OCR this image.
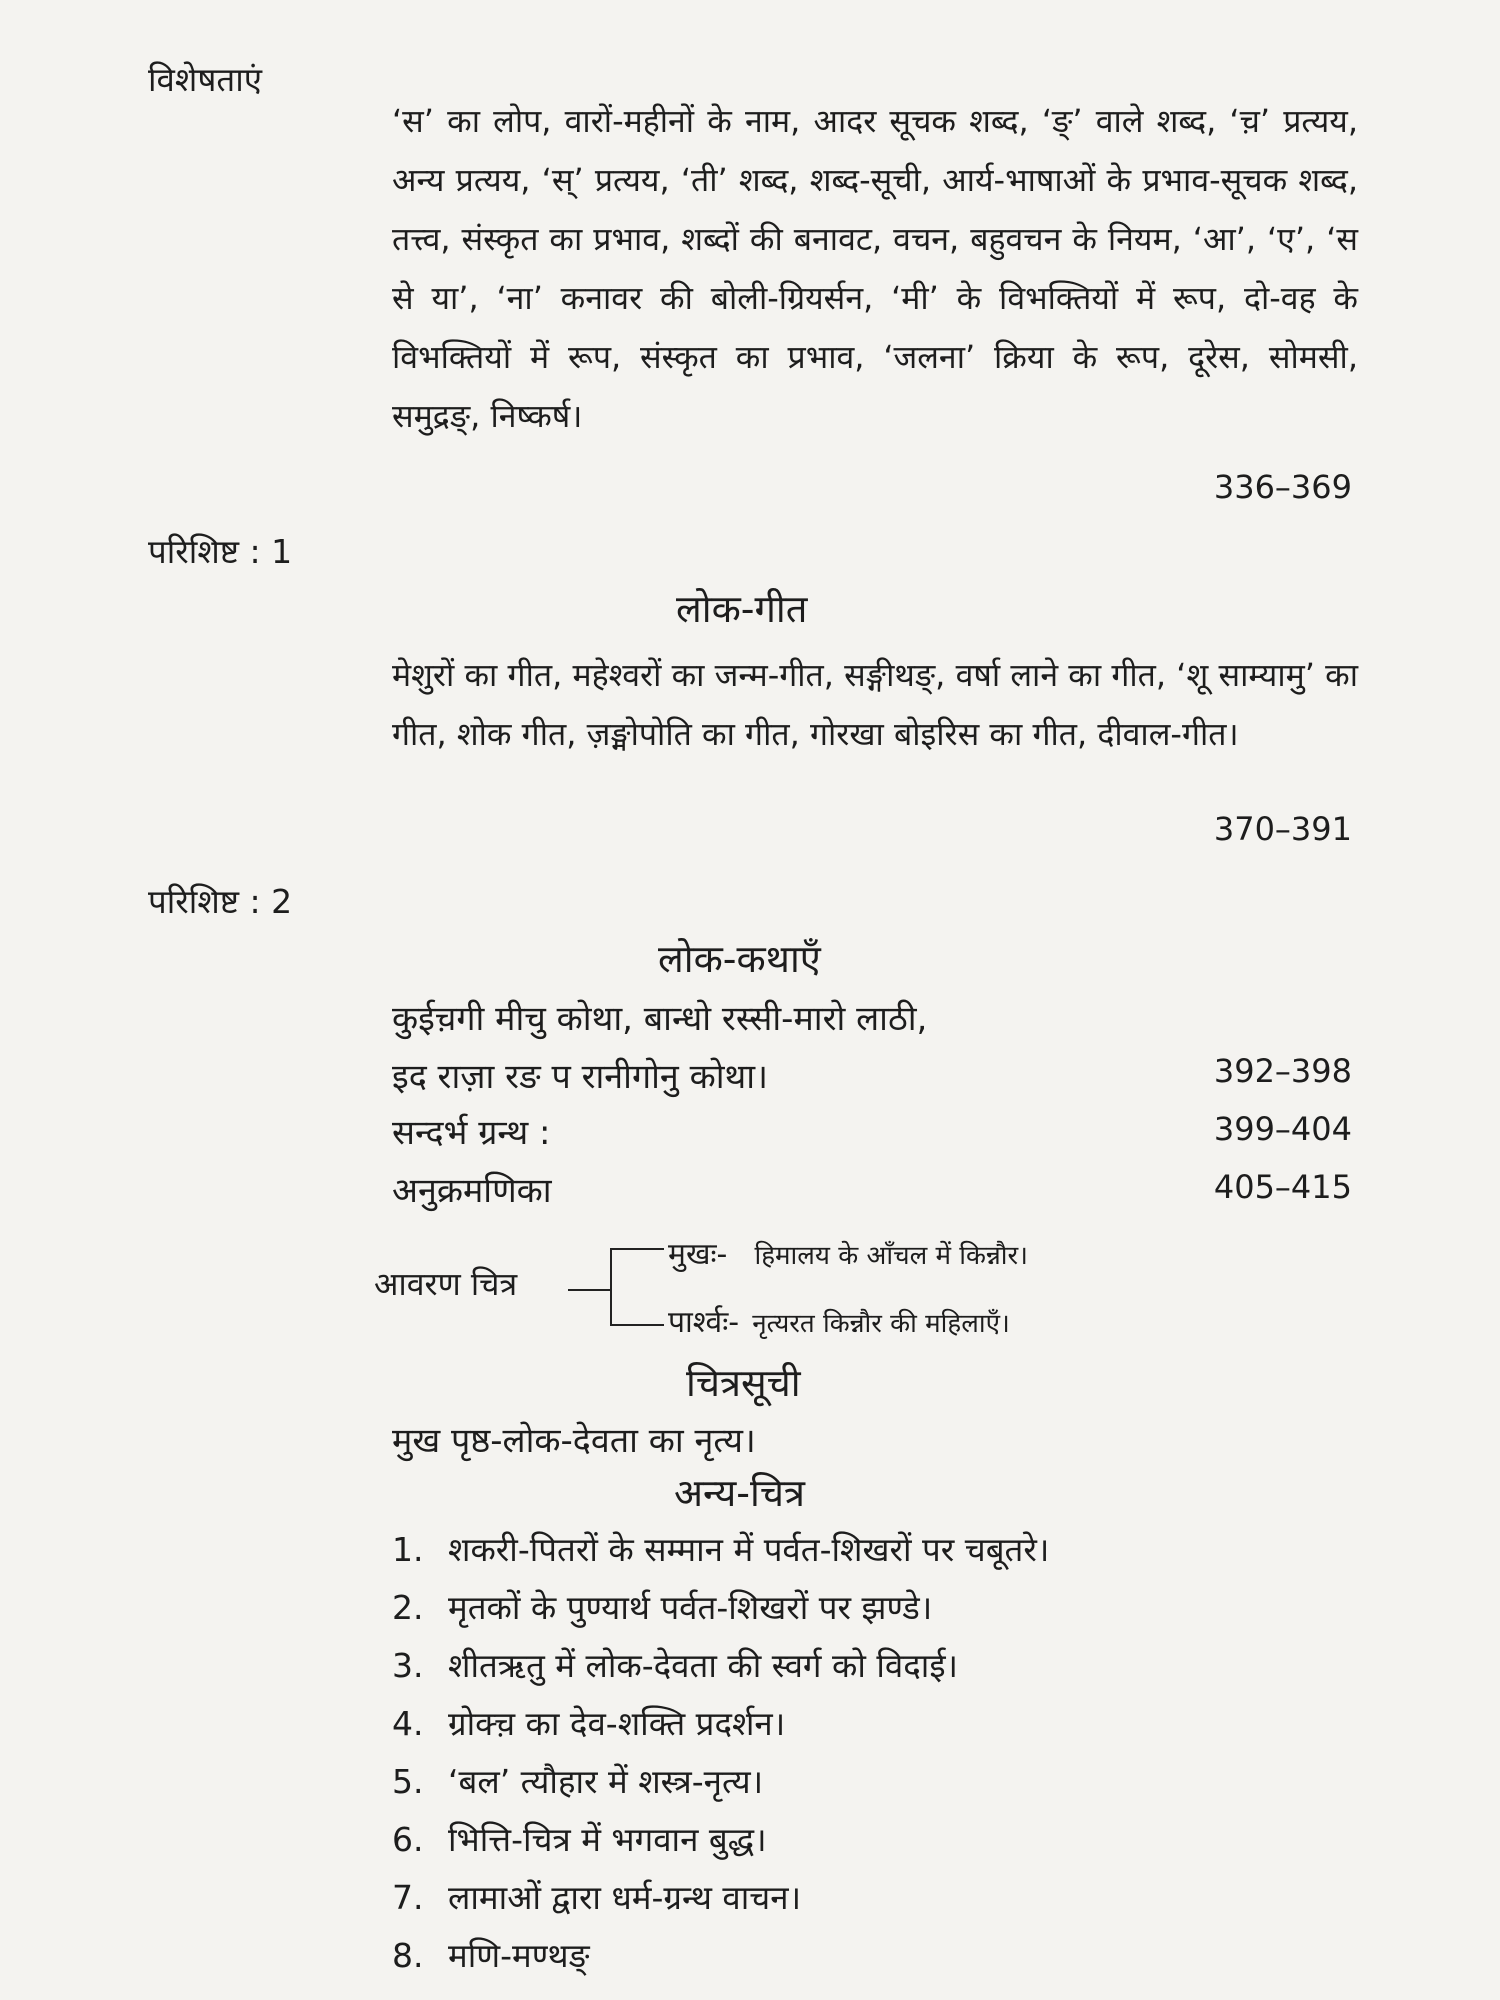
विशेषताएं
‘स’ का लोप, वारों-महीनों के नाम, आदर सूचक शब्द, ‘ङ्’ वाले शब्द, ‘च़’ प्रत्यय, अन्य प्रत्यय, ‘स्’ प्रत्यय, ‘ती’ शब्द, शब्द-सूची, आर्य-भाषाओं के प्रभाव-सूचक शब्द, तत्त्व, संस्कृत का प्रभाव, शब्दों की बनावट, वचन, बहुवचन के नियम, ‘आ’, ‘ए’, ‘स से या’, ‘ना’ कनावर की बोली-ग्रियर्सन, ‘मी’ के विभक्तियों में रूप, दो-वह के विभक्तियों में रूप, संस्कृत का प्रभाव, ‘जलना’ क्रिया के रूप, दूरेस, सोमसी, समुद्रङ्, निष्कर्ष।
336–369
परिशिष्ट : 1
लोक-गीत
मेशुरों का गीत, महेश्वरों का जन्म-गीत, सङ्गीथङ्, वर्षा लाने का गीत, ‘शू साम्यामु’ का गीत, शोक गीत, ज़ङ्मोपोति का गीत, गोरखा बोइरिस का गीत, दीवाल-गीत।
370–391
परिशिष्ट : 2
लोक-कथाएँ
कुईच़गी मीचु कोथा, बान्धो रस्सी-मारो लाठी,
इद राज़ा रङ प रानीगोनु कोथा।	392–398
सन्दर्भ ग्रन्थ :	399–404
अनुक्रमणिका	405–415
आवरण चित्र
मुखः- हिमालय के आँचल में किन्नौर।
पार्श्वः- नृत्यरत किन्नौर की महिलाएँ।
चित्रसूची
मुख पृष्ठ-लोक-देवता का नृत्य।
अन्य-चित्र
1. शकरी-पितरों के सम्मान में पर्वत-शिखरों पर चबूतरे।
2. मृतकों के पुण्यार्थ पर्वत-शिखरों पर झण्डे।
3. शीतऋतु में लोक-देवता की स्वर्ग को विदाई।
4. ग्रोक्च़ का देव-शक्ति प्रदर्शन।
5. ‘बल’ त्यौहार में शस्त्र-नृत्य।
6. भित्ति-चित्र में भगवान बुद्ध।
7. लामाओं द्वारा धर्म-ग्रन्थ वाचन।
8. मणि-मण्थङ्
